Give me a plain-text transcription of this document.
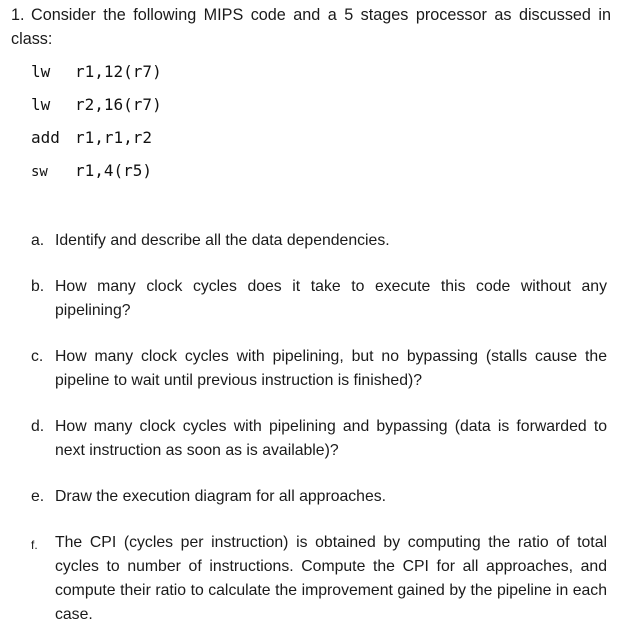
1. Consider the following MIPS code and a 5 stages processor as discussed in class:
lw r1,12(r7)
lw r2,16(r7)
add r1,r1,r2
sw r1,4(r5)
a. Identify and describe all the data dependencies.
b. How many clock cycles does it take to execute this code without any pipelining?
c. How many clock cycles with pipelining, but no bypassing (stalls cause the pipeline to wait until previous instruction is finished)?
d. How many clock cycles with pipelining and bypassing (data is forwarded to next instruction as soon as is available)?
e. Draw the execution diagram for all approaches.
f.	The CPI (cycles per instruction) is obtained by computing the ratio of total cycles to number of instructions. Compute the CPI for all approaches, and compute their ratio to calculate the improvement gained by the pipeline in each case.
